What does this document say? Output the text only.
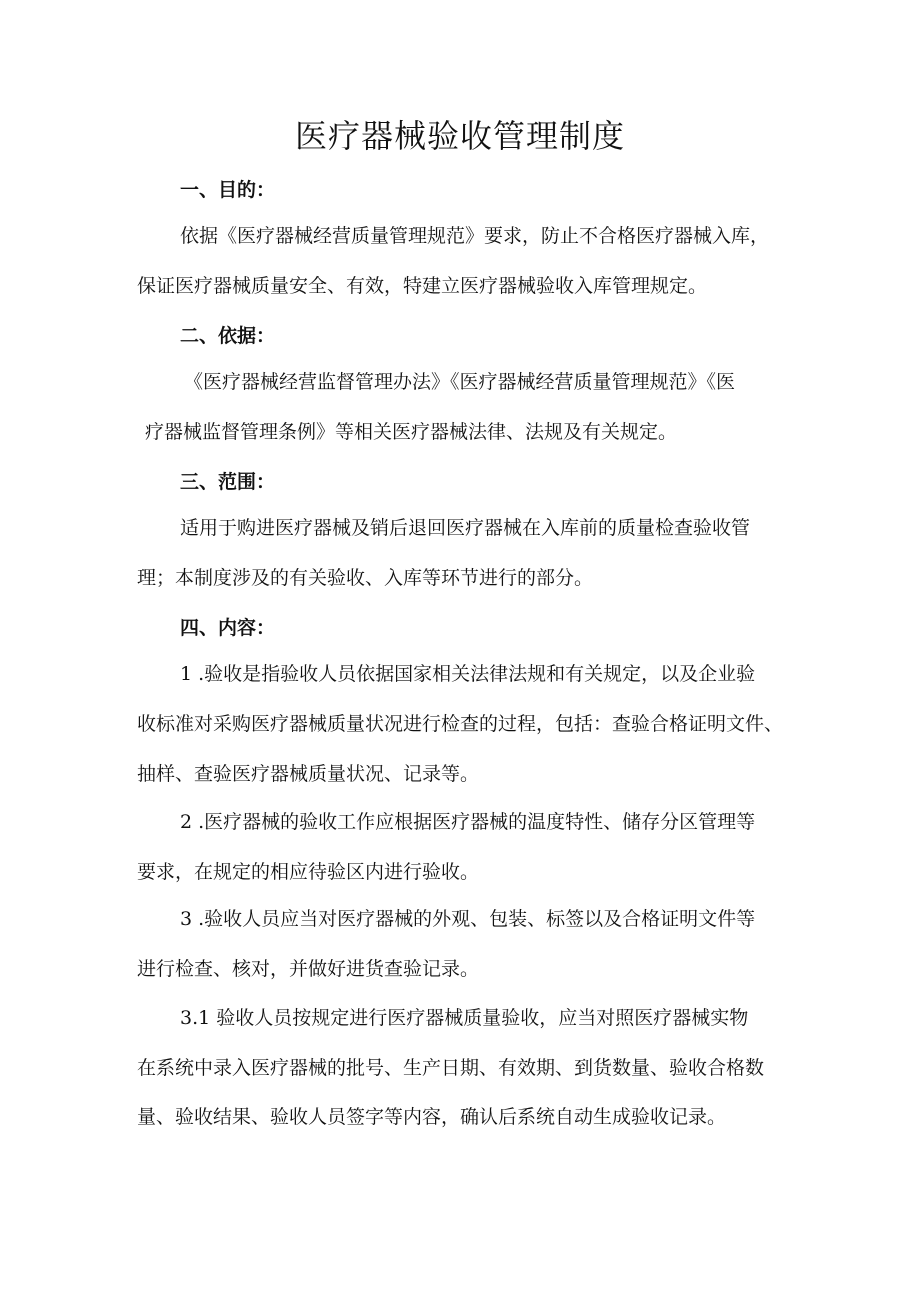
医疗器械验收管理制度
一、目的：
依据《医疗器械经营质量管理规范》要求，防止不合格医疗器械入库，
保证医疗器械质量安全、有效，特建立医疗器械验收入库管理规定。
二、依据：
《医疗器械经营监督管理办法》《医疗器械经营质量管理规范》《医
疗器械监督管理条例》等相关医疗器械法律、法规及有关规定。
三、范围：
适用于购进医疗器械及销后退回医疗器械在入库前的质量检查验收管
理；本制度涉及的有关验收、入库等环节进行的部分。
四、内容：
1 .验收是指验收人员依据国家相关法律法规和有关规定，以及企业验
收标准对采购医疗器械质量状况进行检查的过程，包括：查验合格证明文件、
抽样、查验医疗器械质量状况、记录等。
2 .医疗器械的验收工作应根据医疗器械的温度特性、储存分区管理等
要求，在规定的相应待验区内进行验收。
3 .验收人员应当对医疗器械的外观、包装、标签以及合格证明文件等
进行检查、核对，并做好进货查验记录。
3.1 验收人员按规定进行医疗器械质量验收，应当对照医疗器械实物
在系统中录入医疗器械的批号、生产日期、有效期、到货数量、验收合格数
量、验收结果、验收人员签字等内容，确认后系统自动生成验收记录。
